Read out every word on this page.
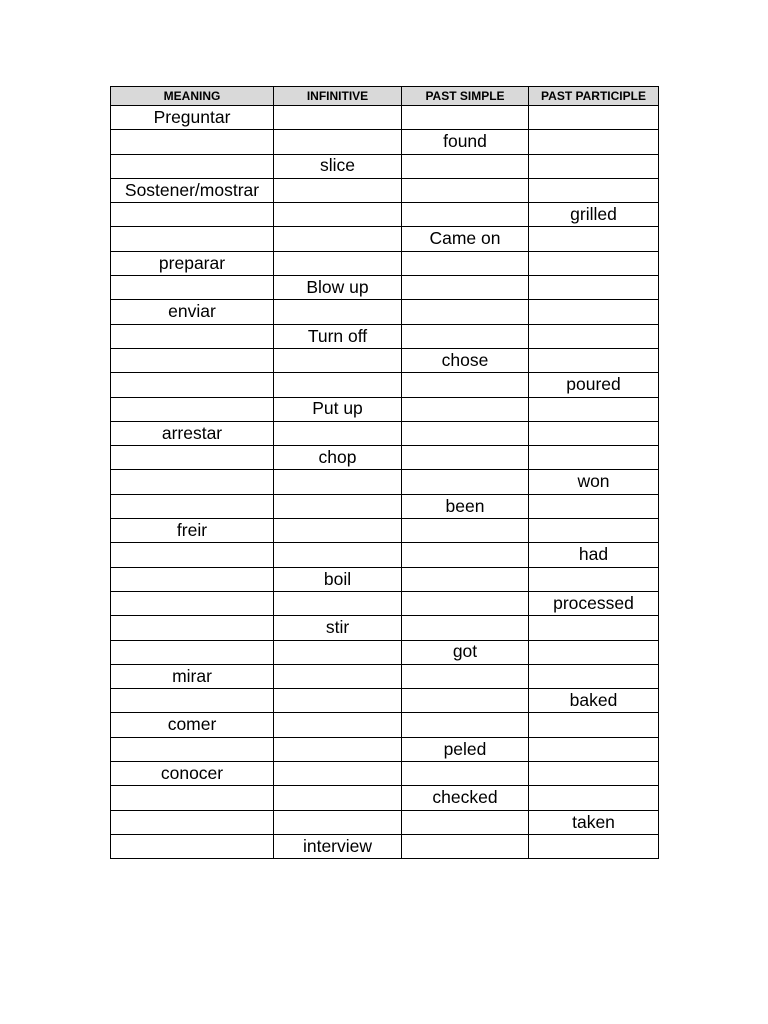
MEANING	INFINITIVE	PAST SIMPLE	PAST PARTICIPLE
Preguntar			
		found	
	slice		
Sostener/mostrar			
			grilled
		Came on	
preparar			
	Blow up		
enviar			
	Turn off		
		chose	
			poured
	Put up		
arrestar			
	chop		
			won
		been	
freir			
			had
	boil		
			processed
	stir		
		got	
mirar			
			baked
comer			
		peled	
conocer			
		checked	
			taken
	interview		
